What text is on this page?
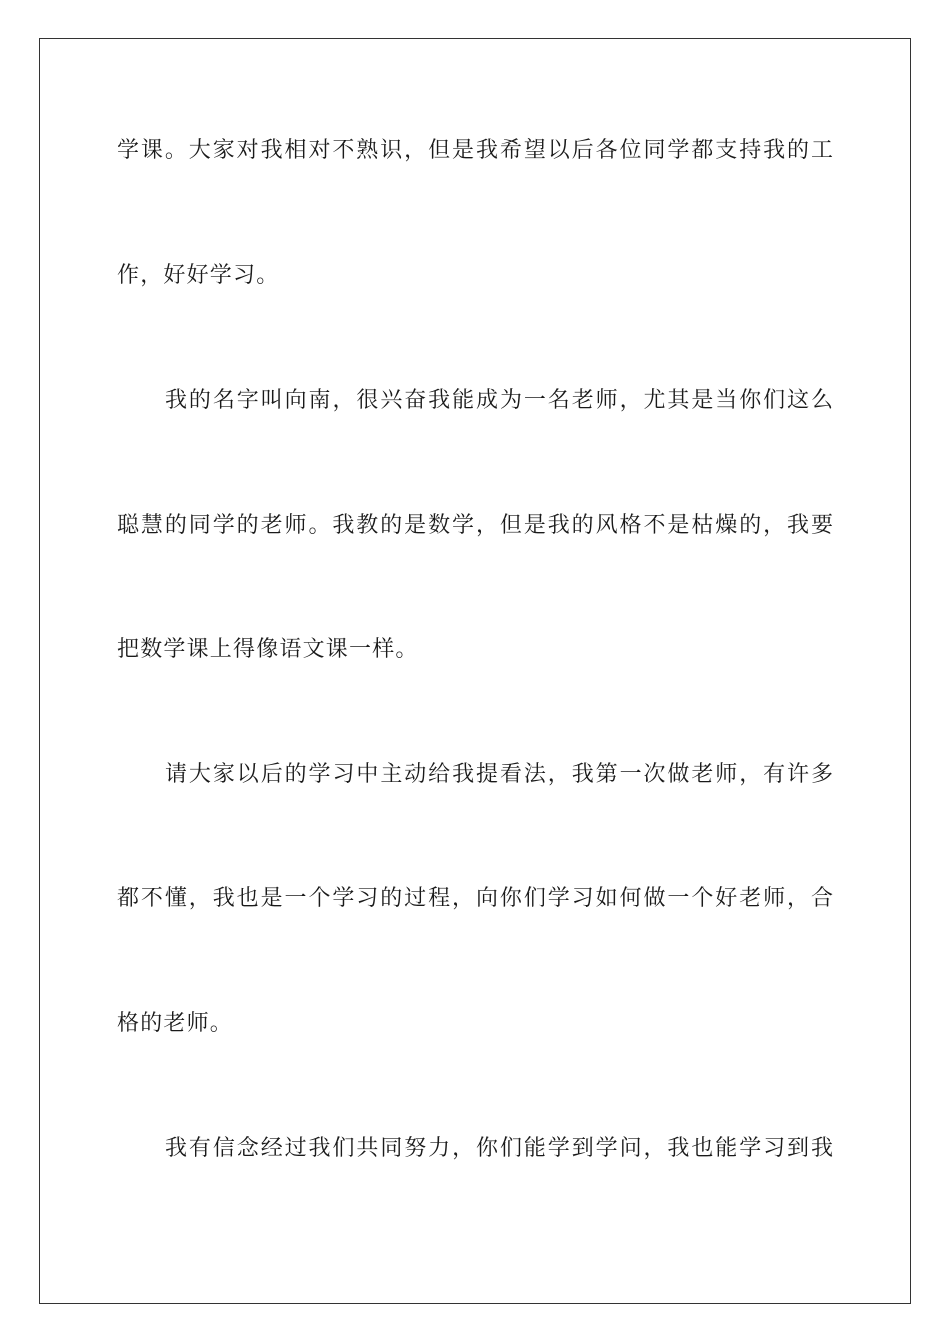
学课。大家对我相对不熟识，但是我希望以后各位同学都支持我的工
作，好好学习。
我的名字叫向南，很兴奋我能成为一名老师，尤其是当你们这么
聪慧的同学的老师。我教的是数学，但是我的风格不是枯燥的，我要
把数学课上得像语文课一样。
请大家以后的学习中主动给我提看法，我第一次做老师，有许多
都不懂，我也是一个学习的过程，向你们学习如何做一个好老师，合
格的老师。
我有信念经过我们共同努力，你们能学到学问，我也能学习到我
